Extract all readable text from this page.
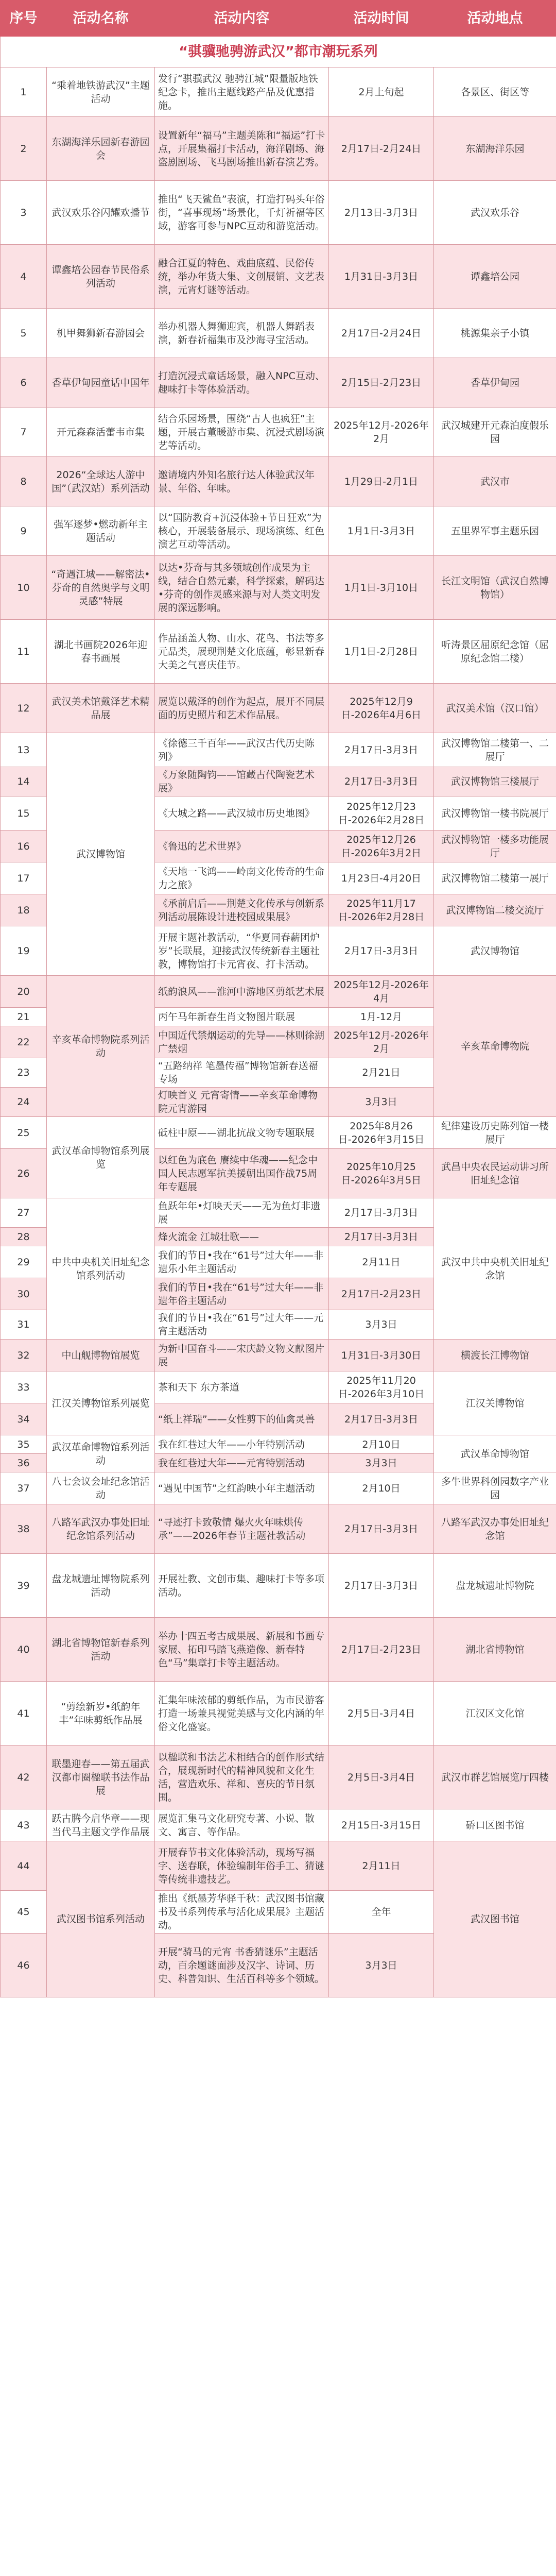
序号	活动名称	活动内容	活动时间	活动地点
“骐骥驰骋游武汉”都市潮玩系列				
1	“乘着地铁游武汉”主题活动	发行“骐骥武汉 驰骋江城”限量版地铁纪念卡，推出主题线路产品及优惠措施。	2月上旬起	各景区、街区等
2	东湖海洋乐园新春游园会	设置新年“福马”主题美陈和“福运”打卡点，开展集福打卡活动，海洋剧场、海盗剧剧场、飞马剧场推出新春演艺秀。	2月17日-2月24日	东湖海洋乐园
3	武汉欢乐谷闪耀欢播节	推出“飞天鲨鱼”表演，打造打码头年俗街，“喜事现场”场景化，千灯祈福等区域，游客可参与NPC互动和游览活动。	2月13日-3月3日	武汉欢乐谷
4	谭鑫培公园春节民俗系列活动	融合江夏的特色、戏曲底蕴、民俗传统，举办年货大集、文创展销、文艺表演，元宵灯谜等活动。	1月31日-3月3日	谭鑫培公园
5	机甲舞狮新春游园会	举办机器人舞狮迎宾，机器人舞蹈表演，新春祈福集市及沙海寻宝活动。	2月17日-2月24日	桃源集亲子小镇
6	香草伊甸园童话中国年	打造沉浸式童话场景，融入NPC互动、趣味打卡等体验活动。	2月15日-2月23日	香草伊甸园
7	开元森森活蕾韦市集	结合乐园场景，围绕“古人也疯狂”主题，开展古董暖游市集、沉浸式剧场演艺等活动。	2025年12月-2026年2月	武汉城建开元森泊度假乐园
8	2026“全球达人游中国”（武汉站）系列活动	邀请境内外知名旅行达人体验武汉年景、年俗、年味。	1月29日-2月1日	武汉市
9	强军逐梦•燃动新年主题活动	以“国防教育+沉浸体验+节日狂欢”为核心，开展装备展示、现场演练、红色演艺互动等活动。	1月1日-3月3日	五里界军事主题乐园
10	“奇遇江城——解密法•芬奇的自然奥学与文明灵感”特展	以达•芬奇与其多领域创作成果为主线，结合自然元素，科学探索，解码达•芬奇的创作灵感来源与对人类文明发展的深远影响。	1月1日-3月10日	长江文明馆（武汉自然博物馆）
11	湖北书画院2026年迎春书画展	作品涵盖人物、山水、花鸟、书法等多元品类，展现荆楚文化底蕴，彰显新春大美之气喜庆佳节。	1月1日-2月28日	听涛景区屈原纪念馆（屈原纪念馆二楼）
12	武汉美术馆戴泽艺术精品展	展览以戴泽的创作为起点，展开不同层面的历史照片和艺术作品展。	2025年12月9日-2026年4月6日	武汉美术馆（汉口馆）
13	武汉博物馆	《徐德三千百年——武汉古代历史陈列》	2月17日-3月3日	武汉博物馆二楼第一、二展厅
14		《万象随陶钧——馆藏古代陶瓷艺术展》	2月17日-3月3日	武汉博物馆三楼展厅
15		《大城之路——武汉城市历史地图》	2025年12月23日-2026年2月28日	武汉博物馆一楼书院展厅
16		《鲁迅的艺术世界》	2025年12月26日-2026年3月2日	武汉博物馆一楼多功能展厅
17		《天地一飞鸿——岭南文化传奇的生命力之旅》	1月23日-4月20日	武汉博物馆二楼第一展厅
18		《承前启后——荆楚文化传承与创新系列活动展陈设计进校园成果展》	2025年11月17日-2026年2月28日	武汉博物馆二楼交流厅
19		开展主题社教活动，“华夏同春薪团炉岁”长联展，迎接武汉传统新春主题社教，博物馆打卡元宵夜、打卡活动。	2月17日-3月3日	武汉博物馆
20	辛亥革命博物院系列活动	纸韵浪风——淮河中游地区剪纸艺术展	2025年12月-2026年4月	辛亥革命博物院
21		丙午马年新春生肖文物图片联展	1月-12月	
22		中国近代禁烟运动的先导——林则徐湖广禁烟	2025年12月-2026年2月	
23		“五路纳祥 笔墨传福”博物馆新春送福专场	2月21日	
24		灯映首义 元宵寄情——辛亥革命博物院元宵游园	3月3日	
25	武汉革命博物馆系列展览	砥柱中原——湖北抗战文物专题联展	2025年8月26日-2026年3月15日	纪律建设历史陈列馆一楼展厅
26		以红色为底色 赓续中华魂——纪念中国人民志愿军抗美援朝出国作战75周年专题展	2025年10月25日-2026年3月5日	武昌中央农民运动讲习所旧址纪念馆
27	中共中央机关旧址纪念馆系列活动	鱼跃年年•灯映天天——无为鱼灯非遗展	2月17日-3月3日	武汉中共中央机关旧址纪念馆
28		烽火流金 江城壮歌——	2月17日-3月3日	
29		我们的节日•我在“61号”过大年——非遗乐小年主题活动	2月11日	
30		我们的节日•我在“61号”过大年——非遗年俗主题活动	2月17日-2月23日	
31		我们的节日•我在“61号”过大年——元宵主题活动	3月3日	
32	中山舰博物馆展览	为新中国奋斗——宋庆龄文物文献图片展	1月31日-3月30日	横渡长江博物馆
33	江汉关博物馆系列展览	茶和天下 东方茶道	2025年11月20日-2026年3月10日	江汉关博物馆
34		“纸上祥瑞”——女性剪下的仙禽灵兽	2月17日-3月3日	
35	武汉革命博物馆系列活动	我在红巷过大年——小年特别活动	2月10日	武汉革命博物馆
36		我在红巷过大年——元宵特别活动	3月3日	
37	八七会议会址纪念馆活动	“遇见中国节”之红韵映小年主题活动	2月10日	多牛世界科创园数字产业园
38	八路军武汉办事处旧址纪念馆系列活动	“寻迹打卡致敬情 爆火火年味烘传承”——2026年春节主题社教活动	2月17日-3月3日	八路军武汉办事处旧址纪念馆
39	盘龙城遗址博物院系列活动	开展社教、文创市集、趣味打卡等多项活动。	2月17日-3月3日	盘龙城遗址博物院
40	湖北省博物馆新春系列活动	举办十四五考古成果展、新展和书画专家展、拓印马踏飞燕造像、新春特色“马”集章打卡等主题活动。	2月17日-2月23日	湖北省博物馆
41	“剪绘新岁•纸韵年丰”年味剪纸作品展	汇集年味浓郁的剪纸作品，为市民游客打造一场兼具视觉美感与文化内涵的年俗文化盛宴。	2月5日-3月4日	江汉区文化馆
42	联墨迎春——第五届武汉都市圈楹联书法作品展	以楹联和书法艺术相结合的创作形式结合，展现新时代的精神风貌和文化生活，营造欢乐、祥和、喜庆的节日氛围。	2月5日-3月4日	武汉市群艺馆展览厅四楼
43	跃古腾今启华章——现当代马主题文学作品展	展览汇集马文化研究专著、小说、散文、寓言、等作品。	2月15日-3月15日	硚口区图书馆
44	武汉图书馆系列活动	开展春节书文化体验活动，现场写福字、送春联，体验编制年俗手工、猜谜等传统非遗技艺。	2月11日	武汉图书馆
45		推出《纸墨芳华驿千秋：武汉图书馆藏书及书系列传承与活化成果展》主题活动。	全年	
46		开展“骑马的元宵 书香猜谜乐”主题活动，百余题谜面涉及汉字、诗词、历史、科普知识、生活百科等多个领域。	3月3日	
